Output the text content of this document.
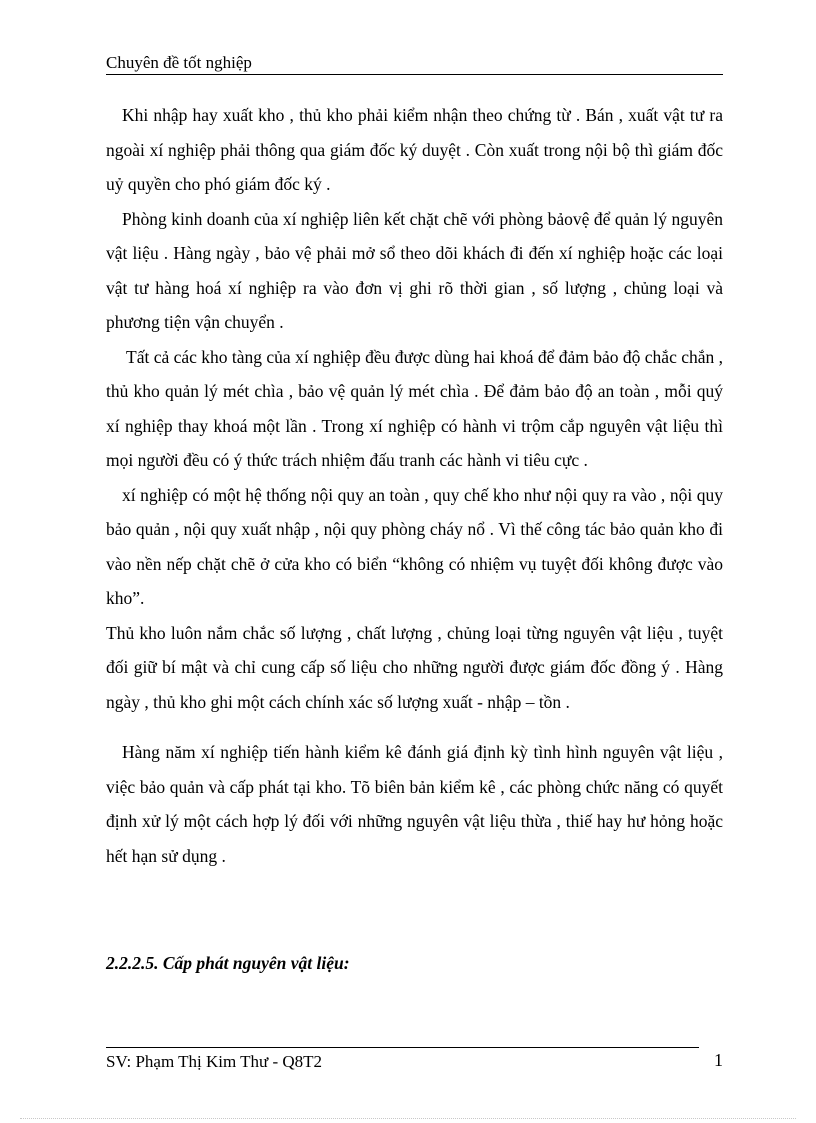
Chuyên đề tốt nghiệp

Khi nhập hay xuất kho , thủ kho phải kiểm nhận theo chứng từ . Bán , xuất vật tư ra ngoài xí nghiệp phải thông qua giám đốc ký duyệt . Còn xuất trong nội bộ thì giám đốc uỷ quyền cho phó giám đốc ký .

Phòng kinh doanh của xí nghiệp liên kết chặt chẽ với phòng bảovệ để quản lý nguyên vật liệu . Hàng ngày , bảo vệ phải mở sổ theo dõi khách đi đến xí nghiệp hoặc các loại vật tư hàng hoá xí nghiệp ra vào đơn vị ghi rõ thời gian , số lượng , chủng loại và phương tiện vận chuyển .

Tất cả các kho tàng của xí nghiệp đều được dùng hai khoá để đảm bảo độ chắc chắn , thủ kho quản lý mét chìa , bảo vệ quản lý mét chìa . Để đảm bảo độ an toàn , mỗi quý xí nghiệp thay khoá một lần . Trong xí nghiệp có hành vi trộm cắp nguyên vật liệu thì mọi người đều có ý thức trách nhiệm đấu tranh các hành vi tiêu cực .

xí nghiệp có một hệ thống nội quy an toàn , quy chế kho như nội quy ra vào , nội quy bảo quản , nội quy xuất nhập , nội quy phòng cháy nổ . Vì thế công tác bảo quản kho đi vào nền nếp chặt chẽ ở cửa kho có biển “không có nhiệm vụ tuyệt đối không được vào kho”.

Thủ kho luôn nắm chắc số lượng , chất lượng , chủng loại từng nguyên vật liệu , tuyệt đối giữ bí mật và chỉ cung cấp số liệu cho những người được giám đốc đồng ý . Hàng ngày , thủ kho ghi một cách chính xác số lượng xuất - nhập – tồn .

Hàng năm xí nghiệp tiến hành kiểm kê đánh giá định kỳ tình hình nguyên vật liệu , việc bảo quản và cấp phát tại kho. Tõ biên bản kiểm kê , các phòng chức năng có quyết định xử lý một cách hợp lý đối với những nguyên vật liệu thừa , thiế hay hư hỏng hoặc hết hạn sử dụng .

2.2.2.5. Cấp phát nguyên vật liệu:
SV: Phạm Thị Kim Thư - Q8T2	1
